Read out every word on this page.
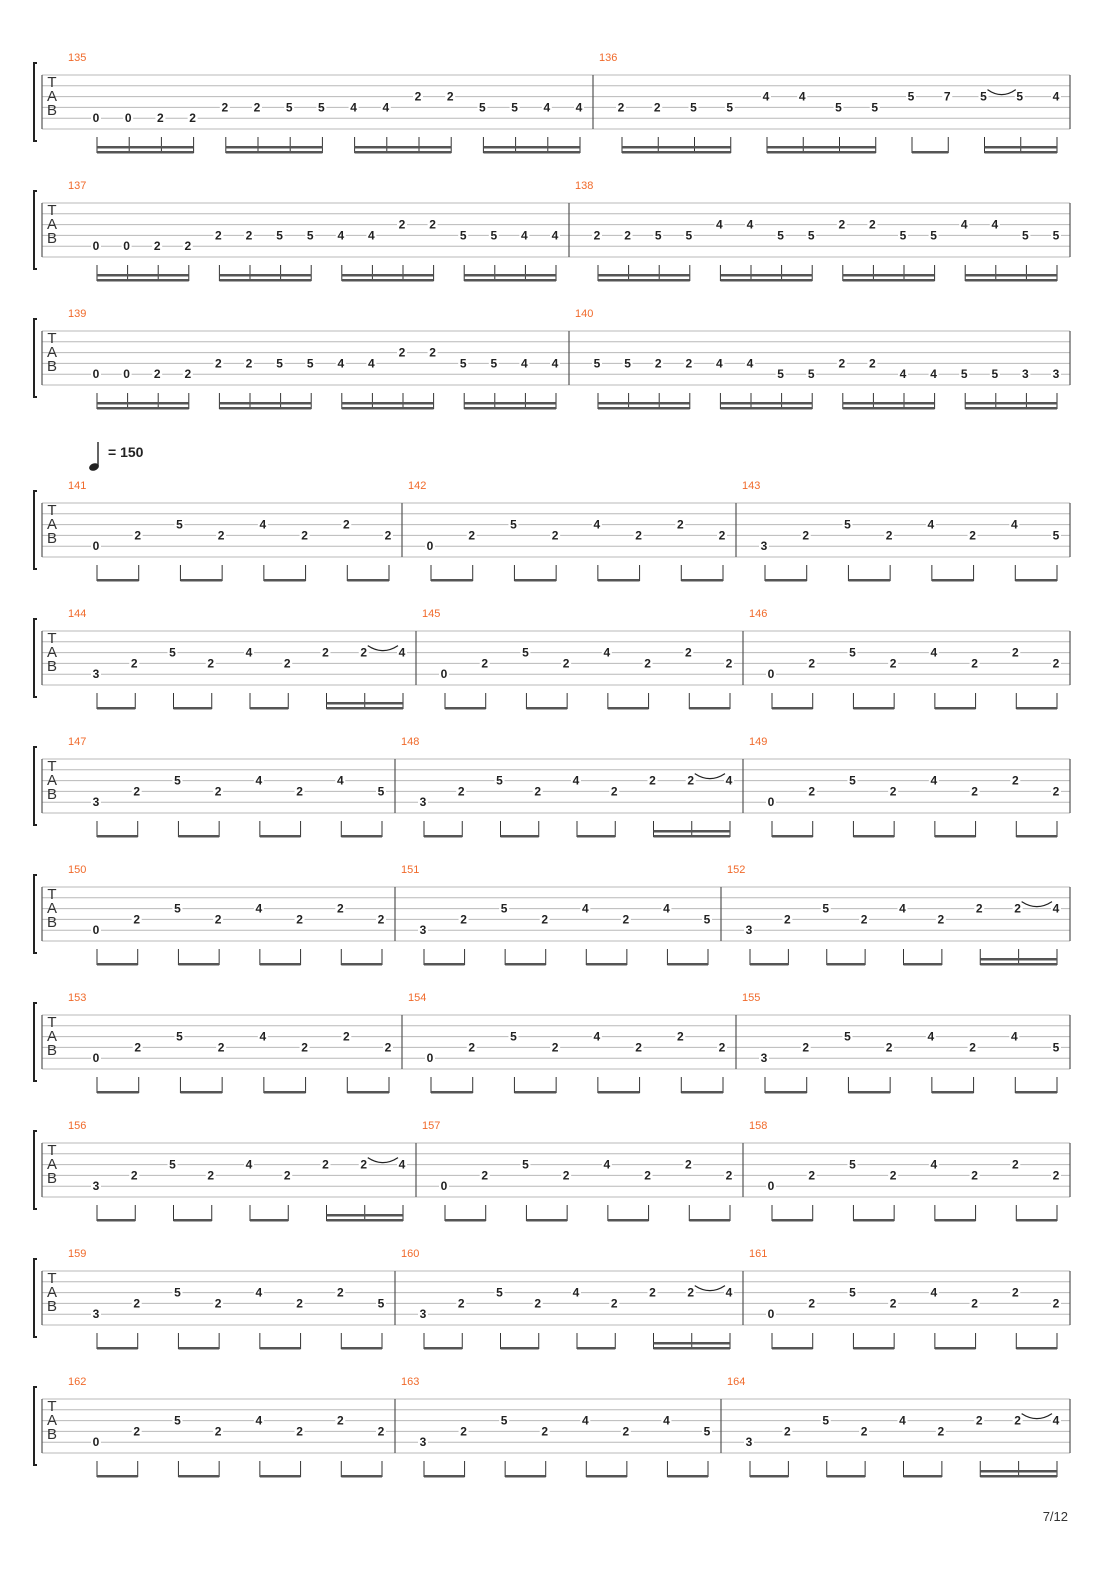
T
A
B
135
0 0 2 2
2 2 5 5 4 4
2 2
5 5 4 4
136
2 2 5 5
4 4
5 5
5 7 5 5 4
T
A
B
137
0 0 2 2
2 2 5 5 4 4
2 2
5 5 4 4
138
2 2 5 5
4 4
5 5
2 2
5 5
4 4
5 5
T
A
B
139
0 0 2 2
2 2 5 5 4 4
2 2
5 5 4 4
140
5 5 2 2 4 4
5 5
2 2
4 4 5 5 3 3
T
A
B
141
0
2
5
2
4
2
2
2
142
0
2
5
2
4
2
2
2
143
3
2
5
2
4
2
4
5
T
A
B
144
3
2
5
2
4
2
2	2	4
145
0
2
5
2
4
2
2
2
146
0
2
5
2
4
2
2
2
T
A
B
147
3
2
5
2
4
2
4
5
148
3
2
5
2
4
2
2	2	4
149
0
2
5
2
4
2
2
2
T
A
B
150
0
2
5
2
4
2
2
2
151
3
2
5
2
4
2
4
5
152
3
2
5
2
4
2
2	2	4
T
A
B
153
0
2
5
2
4
2
2
2
154
0
2
5
2
4
2
2
2
155
3
2
5
2
4
2
4
5
T
A
B
156
3
2
5
2
4
2
2	2	4
157
0
2
5
2
4
2
2
2
158
0
2
5
2
4
2
2
2
T
A
B
159
3
2
5
2
4
2
2
5
160
3
2
5
2
4
2
2	2	4
161
0
2
5
2
4
2
2
2
T
A
B
162
0
2
5
2
4
2
2
2
163
3
2
5
2
4
2
4
5
164
3
2
5
2
4
2
2	2	4
= 150
7/12
